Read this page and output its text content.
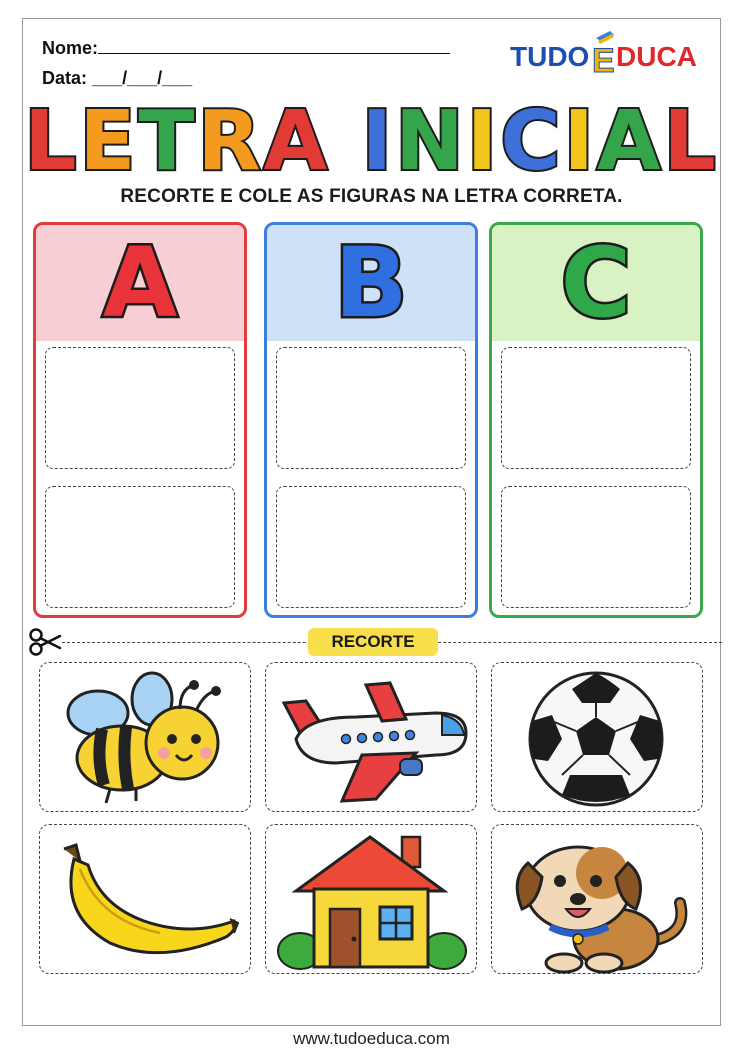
Nome:
Data: ___/___/___
TUDO E DUCA
LETRA INICIAL
RECORTE E COLE AS FIGURAS NA LETRA CORRETA.
A	B	C
RECORTE
www.tudoeduca.com
